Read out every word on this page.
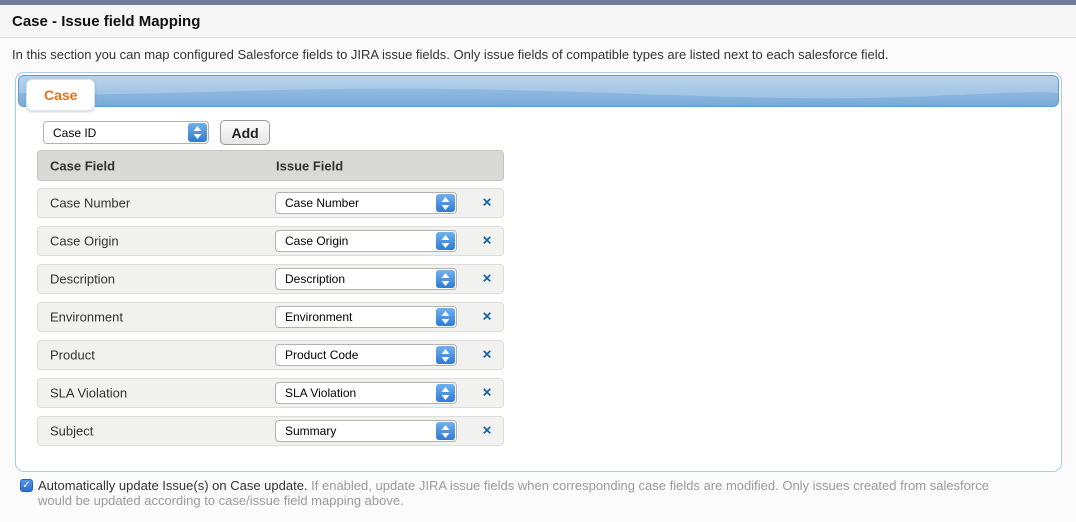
Case - Issue field Mapping

In this section you can map configured Salesforce fields to JIRA issue fields. Only issue fields of compatible types are listed next to each salesforce field.

Case
Case ID	Add
Case Field	Issue Field
Case Number	Case Number	✕
Case Origin	Case Origin	✕
Description	Description	✕
Environment	Environment	✕
Product	Product Code	✕
SLA Violation	SLA Violation	✕
Subject	Summary	✕
✓ Automatically update Issue(s) on Case update. If enabled, update JIRA issue fields when corresponding case fields are modified. Only issues created from salesforce would be updated according to case/issue field mapping above.
